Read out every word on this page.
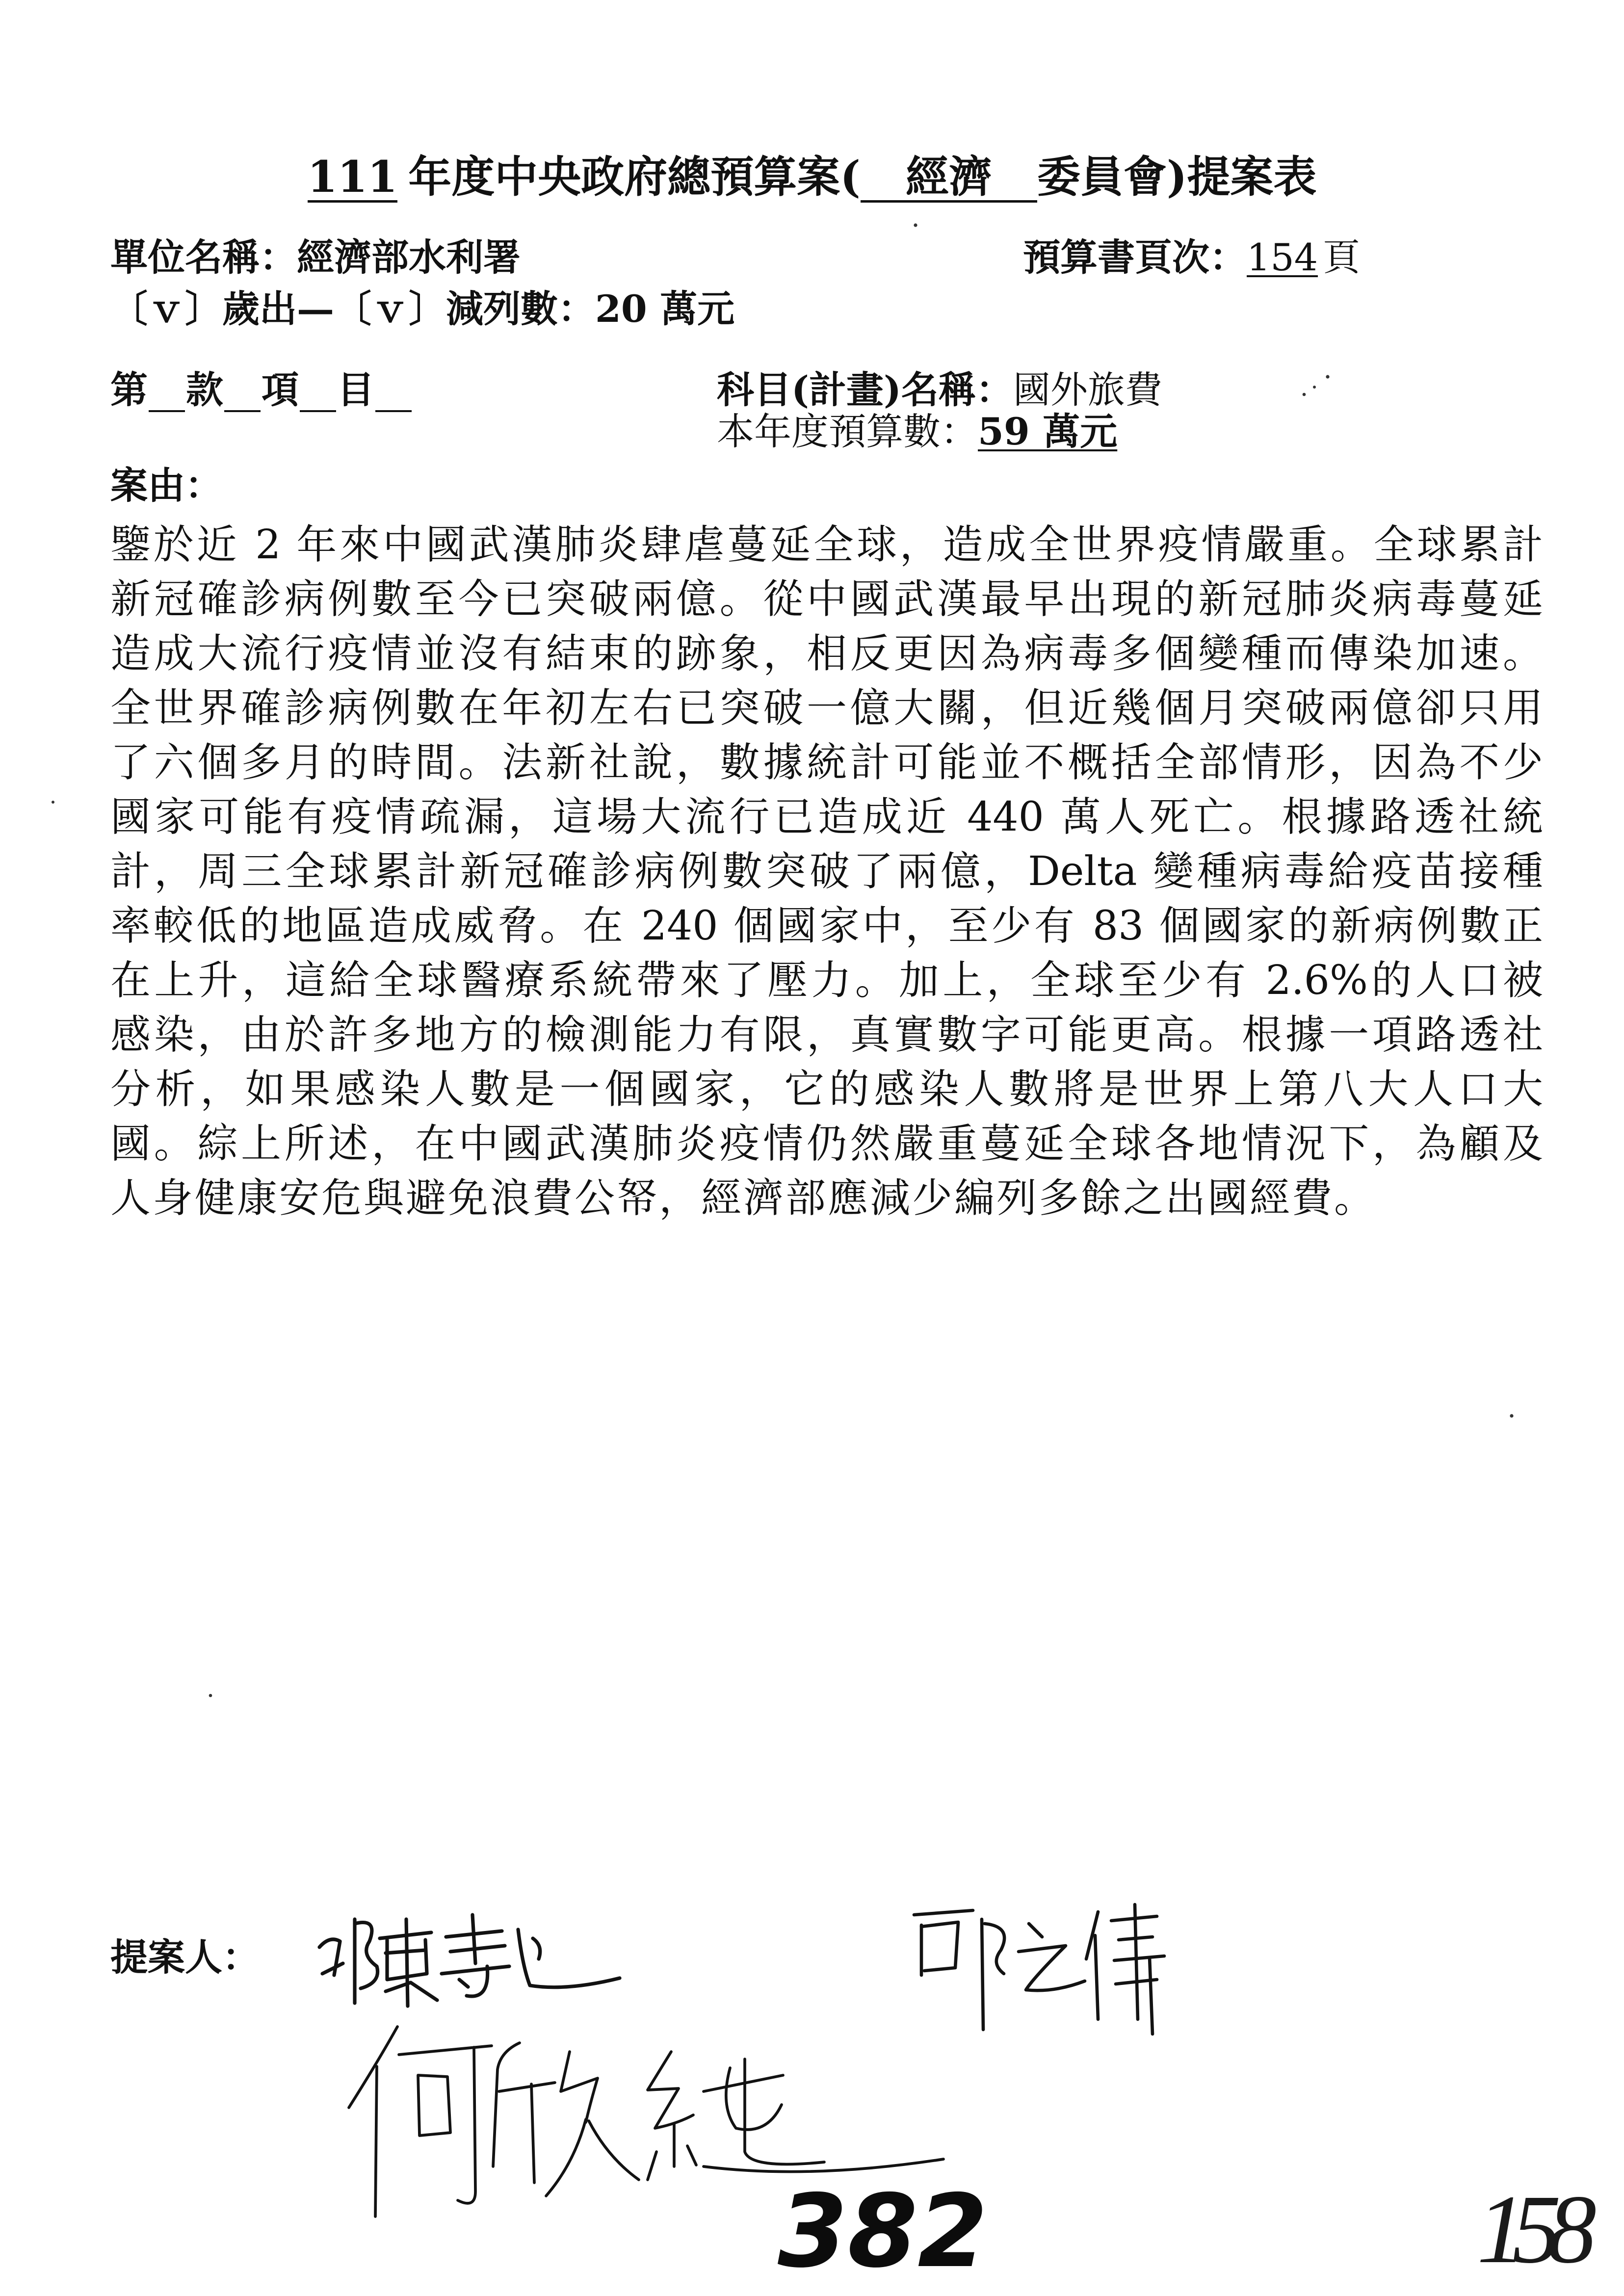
111 年度中央政府總預算案(	經濟	委員會)提案表
單位名稱：經濟部水利署	預算書頁次：154 頁
〔ｖ〕歲出—〔ｖ〕減列數：20 萬元
第 款 項 目	科目(計畫)名稱：國外旅費
本年度預算數：59 萬元
案由：
鑒於近 2 年來中國武漢肺炎肆虐蔓延全球，造成全世界疫情嚴重。全球累計
新冠確診病例數至今已突破兩億。從中國武漢最早出現的新冠肺炎病毒蔓延
造成大流行疫情並沒有結束的跡象，相反更因為病毒多個變種而傳染加速。
全世界確診病例數在年初左右已突破一億大關，但近幾個月突破兩億卻只用
了六個多月的時間。法新社說，數據統計可能並不概括全部情形，因為不少
國家可能有疫情疏漏，這場大流行已造成近 440 萬人死亡。根據路透社統
計，周三全球累計新冠確診病例數突破了兩億，Delta 變種病毒給疫苗接種
率較低的地區造成威脅。在 240 個國家中，至少有 83 個國家的新病例數正
在上升，這給全球醫療系統帶來了壓力。加上，全球至少有 2.6%的人口被
感染，由於許多地方的檢測能力有限，真實數字可能更高。根據一項路透社
分析，如果感染人數是一個國家，它的感染人數將是世界上第八大人口大
國。綜上所述，在中國武漢肺炎疫情仍然嚴重蔓延全球各地情況下，為顧及
人身健康安危與避免浪費公帑，經濟部應減少編列多餘之出國經費。
提案人：
382	158
